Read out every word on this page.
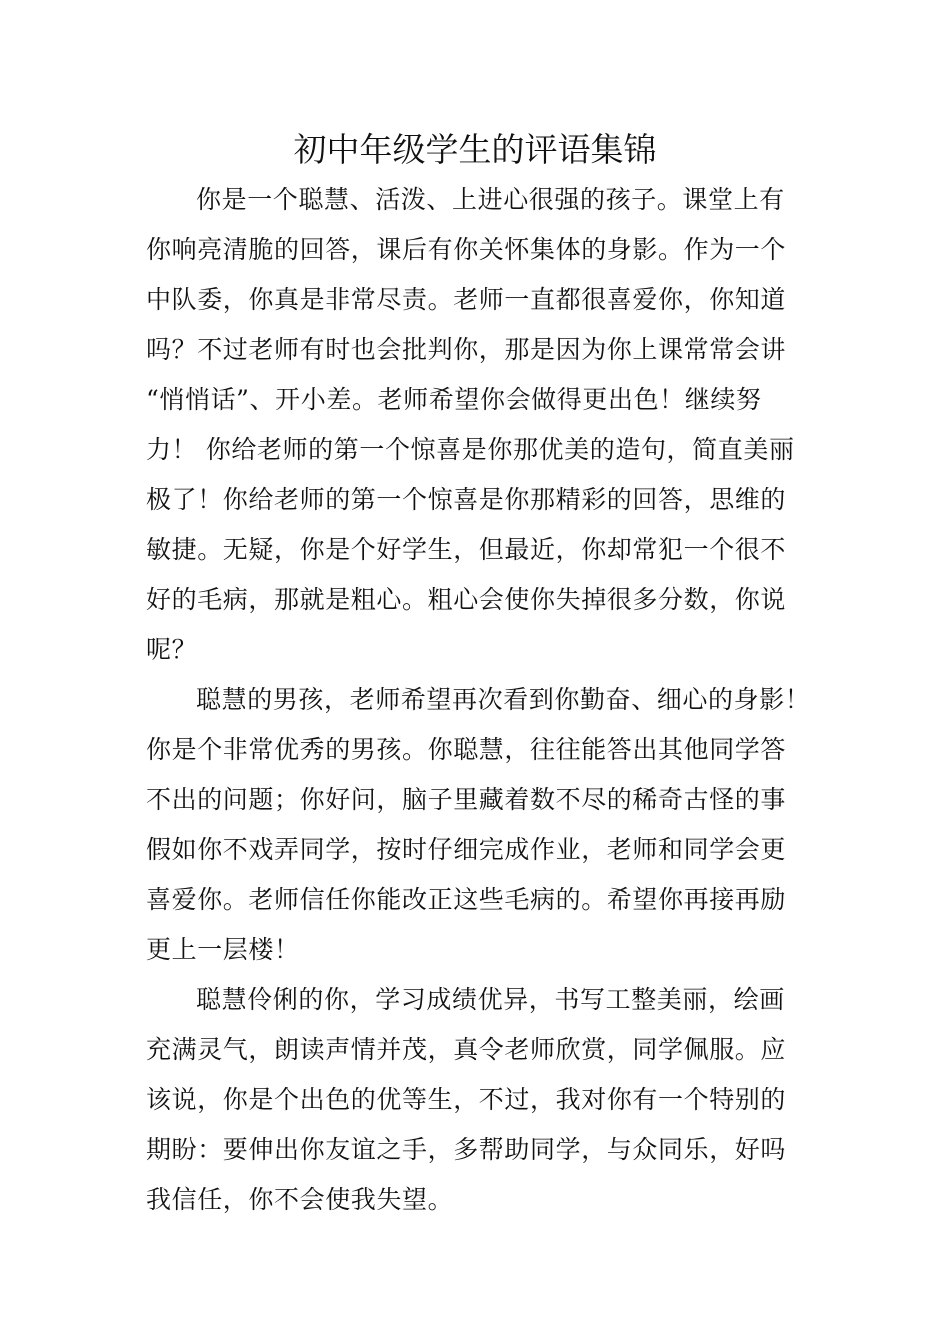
初中年级学生的评语集锦
你是一个聪慧、活泼、上进心很强的孩子。课堂上有
你响亮清脆的回答，课后有你关怀集体的身影。作为一个
中队委，你真是非常尽责。老师一直都很喜爱你，你知道
吗？不过老师有时也会批判你，那是因为你上课常常会讲
“悄悄话”、开小差。老师希望你会做得更出色！继续努
力！ 你给老师的第一个惊喜是你那优美的造句，简直美丽
极了！你给老师的第一个惊喜是你那精彩的回答，思维的
敏捷。无疑，你是个好学生，但最近，你却常犯一个很不
好的毛病，那就是粗心。粗心会使你失掉很多分数，你说
呢？
聪慧的男孩，老师希望再次看到你勤奋、细心的身影！
你是个非常优秀的男孩。你聪慧，往往能答出其他同学答
不出的问题；你好问，脑子里藏着数不尽的稀奇古怪的事
假如你不戏弄同学，按时仔细完成作业，老师和同学会更
喜爱你。老师信任你能改正这些毛病的。希望你再接再励
更上一层楼！
聪慧伶俐的你，学习成绩优异，书写工整美丽，绘画
充满灵气，朗读声情并茂，真令老师欣赏，同学佩服。应
该说，你是个出色的优等生，不过，我对你有一个特别的
期盼：要伸出你友谊之手，多帮助同学，与众同乐，好吗
我信任，你不会使我失望。
